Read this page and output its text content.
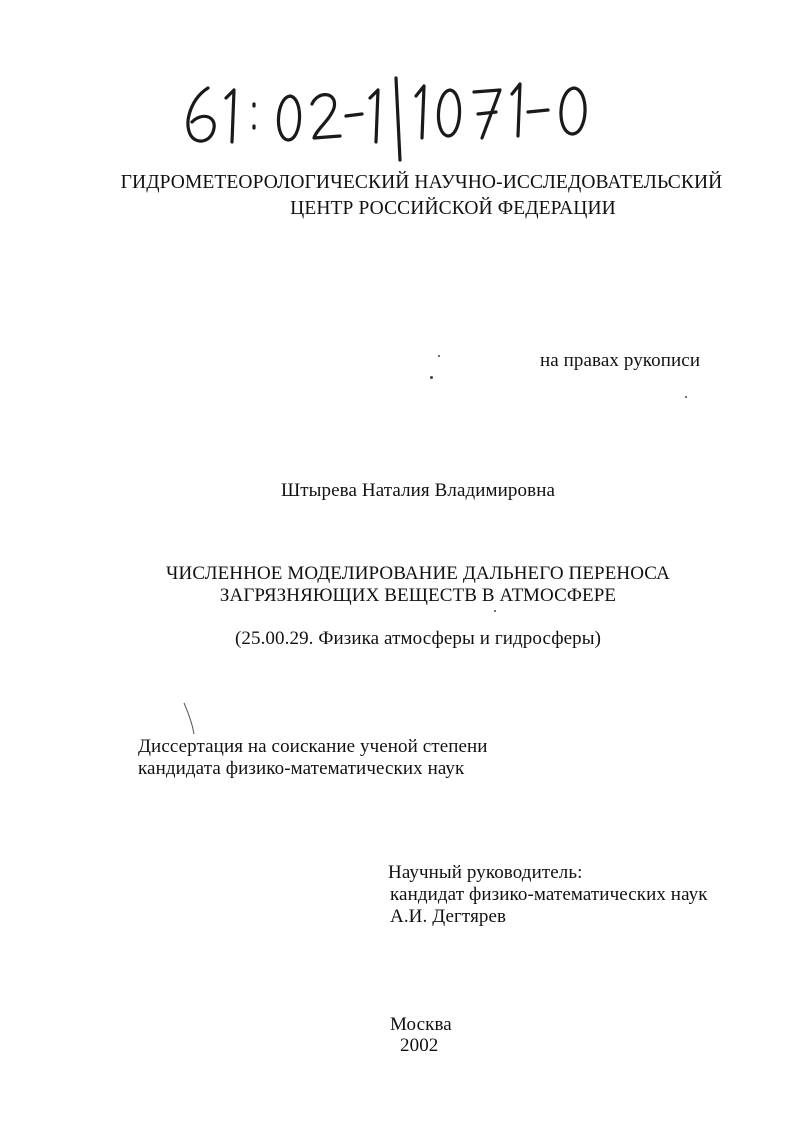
ГИДРОМЕТЕОРОЛОГИЧЕСКИЙ НАУЧНО-ИССЛЕДОВАТЕЛЬСКИЙ
ЦЕНТР РОССИЙСКОЙ ФЕДЕРАЦИИ
на правах рукописи
Штырева Наталия Владимировна
ЧИСЛЕННОЕ МОДЕЛИРОВАНИЕ ДАЛЬНЕГО ПЕРЕНОСА
ЗАГРЯЗНЯЮЩИХ ВЕЩЕСТВ В АТМОСФЕРЕ
(25.00.29. Физика атмосферы и гидросферы)
Диссертация на соискание ученой степени
кандидата физико-математических наук
Научный руководитель:
кандидат физико-математических наук
А.И. Дегтярев
Москва
2002
